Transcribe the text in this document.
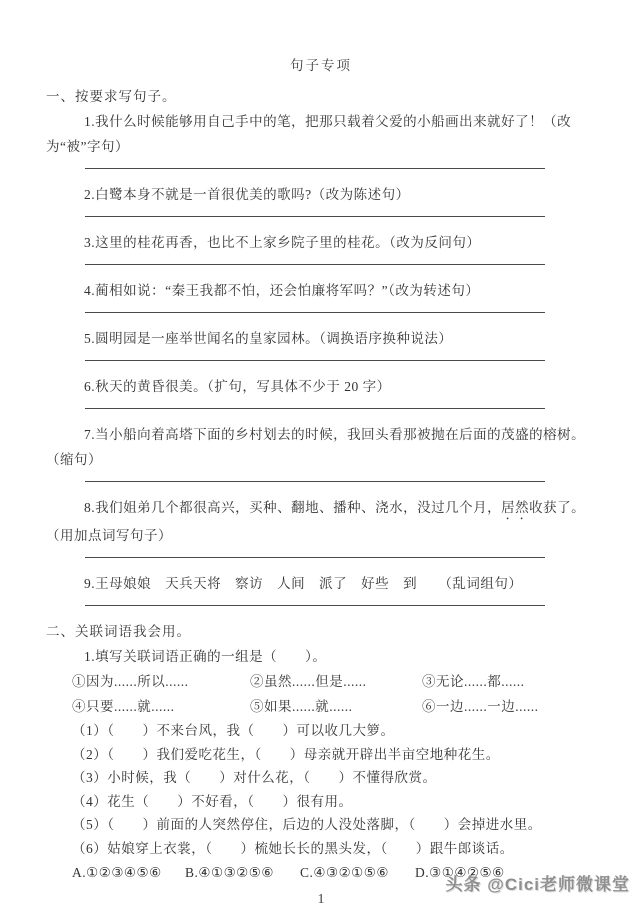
句子专项

一、按要求写句子。

1.我什么时候能够用自己手中的笔，把那只载着父爱的小船画出来就好了！（改为“被”字句）

2.白鹭本身不就是一首很优美的歌吗?（改为陈述句）

3.这里的桂花再香，也比不上家乡院子里的桂花。（改为反问句）

4.蔺相如说：“秦王我都不怕，还会怕廉将军吗？”（改为转述句）

5.圆明园是一座举世闻名的皇家园林。（调换语序换种说法）

6.秋天的黄昏很美。（扩句，写具体不少于 20 字）

7.当小船向着高塔下面的乡村划去的时候，我回头看那被抛在后面的茂盛的榕树。（缩句）

8.我们姐弟几个都很高兴，买种、翻地、播种、浇水，没过几个月，居然收获了。（用加点词写句子）

9.王母娘娘　天兵天将　察访　人间　派了　好些　到　　（乱词组句）

二、关联词语我会用。

1.填写关联词语正确的一组是（　　）。

①因为......所以......	②虽然......但是......	③无论......都......
④只要......就......	⑤如果......就......	⑥一边......一边......

（1）（　　）不来台风，我（　　）可以收几大箩。

（2）（　　）我们爱吃花生，（　　）母亲就开辟出半亩空地种花生。

（3）小时候，我（　　）对什么花，（　　）不懂得欣赏。

（4）花生（　　）不好看，（　　）很有用。

（5）（　　）前面的人突然停住，后边的人没处落脚，（　　）会掉进水里。

（6）姑娘穿上衣裳，（　　）梳她长长的黑头发，（　　）跟牛郎谈话。

A.①②③④⑤⑥	B.④①③②⑤⑥	C.④③②①⑤⑥	D.③①④②⑤⑥
1
头条 @Cici老师微课堂
